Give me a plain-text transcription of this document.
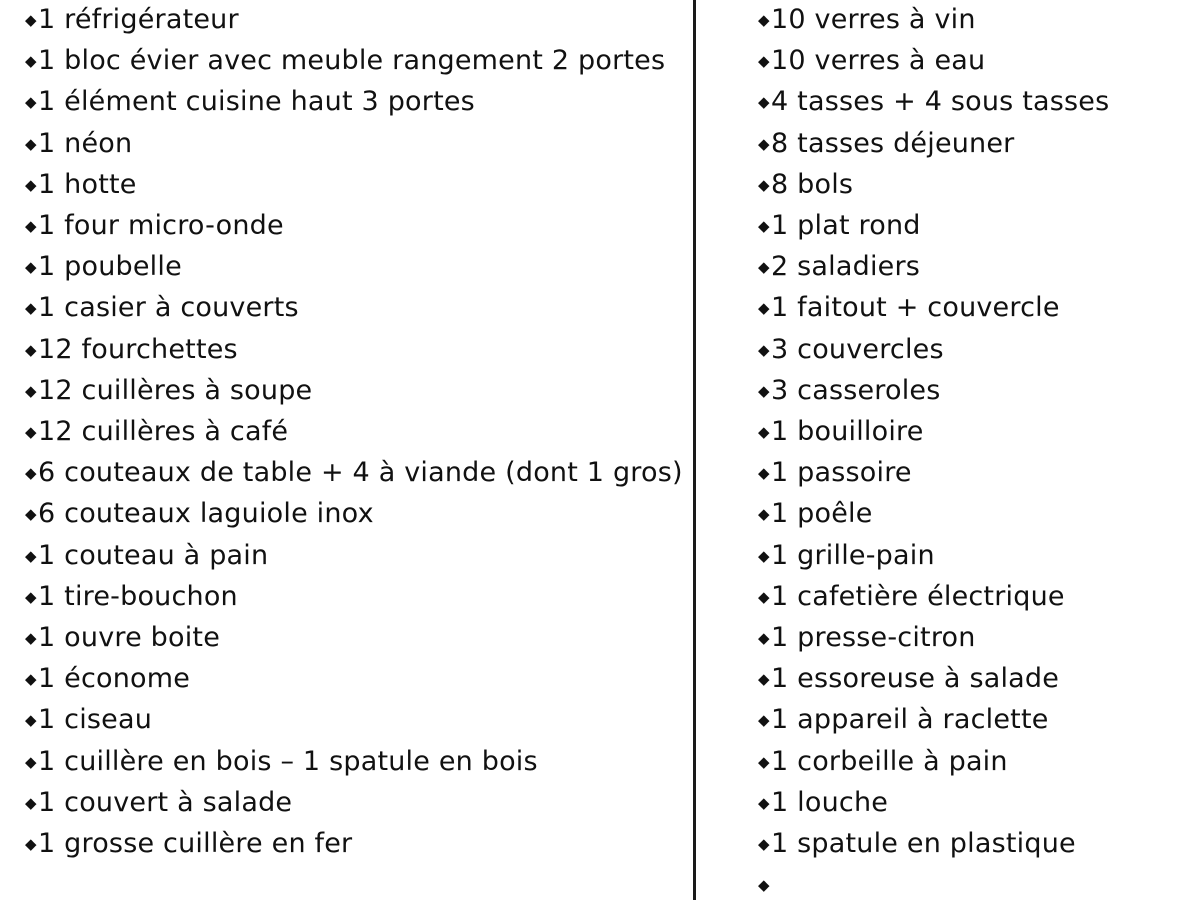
◆1 réfrigérateur
◆1 bloc évier avec meuble rangement 2 portes
◆1 élément cuisine haut 3 portes
◆1 néon
◆1 hotte
◆1 four micro-onde
◆1 poubelle
◆1 casier à couverts
◆12 fourchettes
◆12 cuillères à soupe
◆12 cuillères à café
◆6 couteaux de table + 4 à viande (dont 1 gros)
◆6 couteaux laguiole inox
◆1 couteau à pain
◆1 tire-bouchon
◆1 ouvre boite
◆1 économe
◆1 ciseau
◆1 cuillère en bois – 1 spatule en bois
◆1 couvert à salade
◆1 grosse cuillère en fer
◆10 verres à vin
◆10 verres à eau
◆4 tasses + 4 sous tasses
◆8 tasses déjeuner
◆8 bols
◆1 plat rond
◆2 saladiers
◆1 faitout + couvercle
◆3 couvercles
◆3 casseroles
◆1 bouilloire
◆1 passoire
◆1 poêle
◆1 grille-pain
◆1 cafetière électrique
◆1 presse-citron
◆1 essoreuse à salade
◆1 appareil à raclette
◆1 corbeille à pain
◆1 louche
◆1 spatule en plastique
◆
